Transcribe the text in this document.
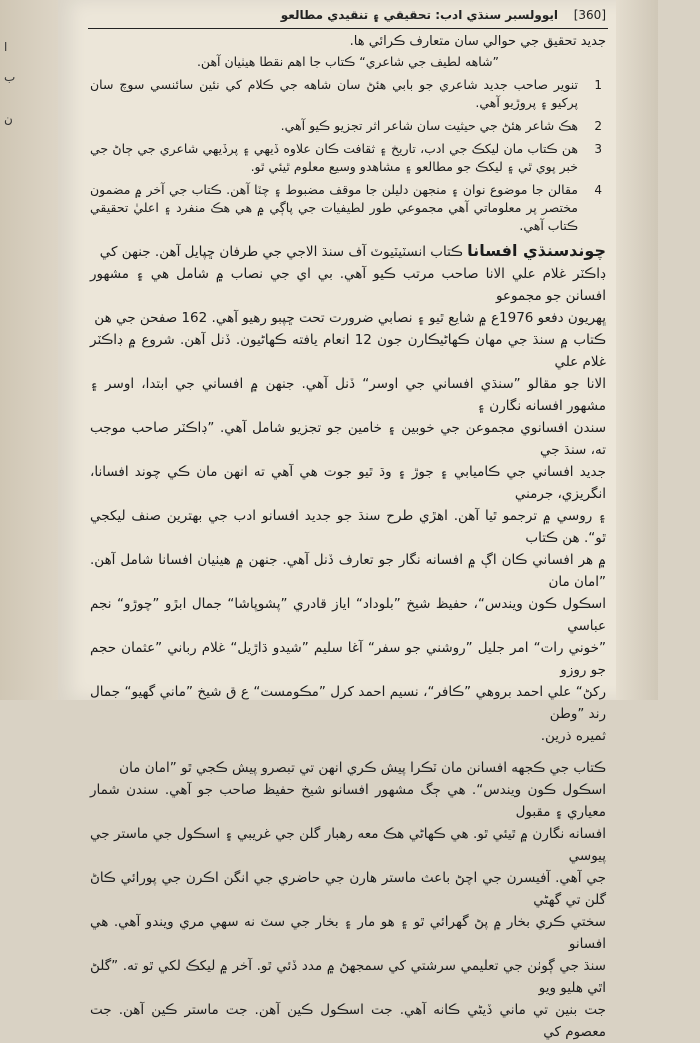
ا
ب
ن
[360]
ايوولسبر سنڌي ادب: تحقيقي ۽ تنقيدي مطالعو

جديد تحقيق جي حوالي سان متعارف ڪرائي ها.

”شاهه لطيف جي شاعري“ ڪتاب جا اهم نقطا هيٺيان آهن.

1
تنوير صاحب جديد شاعري جو بابي هئڻ سان شاهه جي ڪلام کي نئين سائنسي سوچ سان پرکيو ۽ پروڙيو آهي.
2
هڪ شاعر هئڻ جي حيثيت سان شاعر اثر تجزيو ڪيو آهي.
3
هن ڪتاب مان ليکڪ جي ادب، تاريخ ۽ ثقافت ڪان علاوه ڏيهي ۽ پرڏيهي شاعري جي ڄاڻ جي خبر پوي ٿي ۽ ليکڪ جو مطالعو ۽ مشاهدو وسيع معلوم ٿيئي ٿو.
4
مقالن جا موضوع نوان ۽ منجهن دليلن جا موقف مضبوط ۽ چٽا آهن. ڪتاب جي آخر ۾ مضمون مختصر پر معلوماتي آهي مجموعي طور لطيفيات جي پاڳي ۾ هي هڪ منفرد ۽ اعليٰ تحقيقي ڪتاب آهي.

چوندسنڌي افسانا ڪتاب انسٽيٽيوٽ آف سنڌ الاجي جي طرفان ڇپايل آهن. جنهن کي

ڊاڪٽر غلام علي الانا صاحب مرتب ڪيو آهي. بي اي جي نصاب ۾ شامل هي ۽ مشهور افسانن جو مجموعو

ڀهريون دفعو 1976ع ۾ شايع ٿيو ۽ نصابي ضرورت تحت ڇپبو رهيو آهي. 162 صفحن جي هن

ڪتاب ۾ سنڌ جي مهان ڪهاڻيڪارن جون 12 انعام يافته ڪهاڻيون. ڏنل آهن. شروع ۾ ڊاڪٽر غلام علي

الانا جو مقالو ”سنڌي افساني جي اوسر“ ڏنل آهي. جنهن ۾ افساني جي ابتدا، اوسر ۽ مشهور افسانه نگارن ۽

سندن افسانوي مجموعن جي خوبين ۽ خامين جو تجزيو شامل آهي. ”ڊاڪٽر صاحب موجب ته، سنڌ جي

جديد افساني جي ڪاميابي ۽ جوڙ ۽ وڌ ٿيو جوت هي آهي ته انهن مان ڪي چوند افسانا، انگريزي، جرمني

۽ روسي ۾ ترجمو ٿيا آهن. اهڙي طرح سنڌ جو جديد افسانو ادب جي بهترين صنف ليکجي ٿو“. هن ڪتاب

۾ هر افساني ڪان اڳ ۾ افسانه نگار جو تعارف ڏنل آهي. جنهن ۾ هيٺيان افسانا شامل آهن. ”امان مان

اسڪول ڪون ويندس“، حفيظ شيخ ”بلوداد“ اياز قادري ”پشوپاشا“ جمال ابڙو ”چوڙو“ نجم عباسي

”خوني رات“ امر جليل ”روشني جو سفر“ آغا سليم ”شيدو ڌاڙيل“ غلام رباني ”عثمان حجم جو روزو

رکڻ“ علي احمد بروهي ”ڪافر“، نسيم احمد کرل ”مڪومست“ ع ق شيخ ”ماني گهيو“ جمال رند ”وطن

ثميره ذرين.

ڪتاب جي ڪجهه افسانن مان ٽڪرا پيش ڪري انهن تي تبصرو پيش ڪجي ٿو ”امان مان

اسڪول ڪون ويندس“. هي ڄگ مشهور افسانو شيخ حفيظ صاحب جو آهي. سندن شمار معياري ۽ مقبول

افسانه نگارن ۾ ٿيئي ٿو. هي ڪهاڻي هڪ معه رهبار گلن جي غريبي ۽ اسڪول جي ماستر جي پيوسي

جي آهي. آفيسرن جي اچڻ باعث ماستر هارن جي حاضري جي انگن اڪرن جي پورائي ڪاڻ گلن تي گهڻي

سختي ڪري بخار ۾ پڻ گهرائي ٿو ۽ هو مار ۽ بخار جي سٽ نه سهي مري ويندو آهي. هي افسانو

سنڌ جي ڳوٺن جي تعليمي سرشتي کي سمجهڻ ۾ مدد ڏئي ٿو. آخر ۾ ليکڪ لکي ٿو ته. ”گلڻ اٿي هليو ويو

جت بنين تي ماني ڏيڻي ڪانه آهي. جت اسڪول ڪين آهن. جت ماستر ڪين آهن. جت معصوم کي
